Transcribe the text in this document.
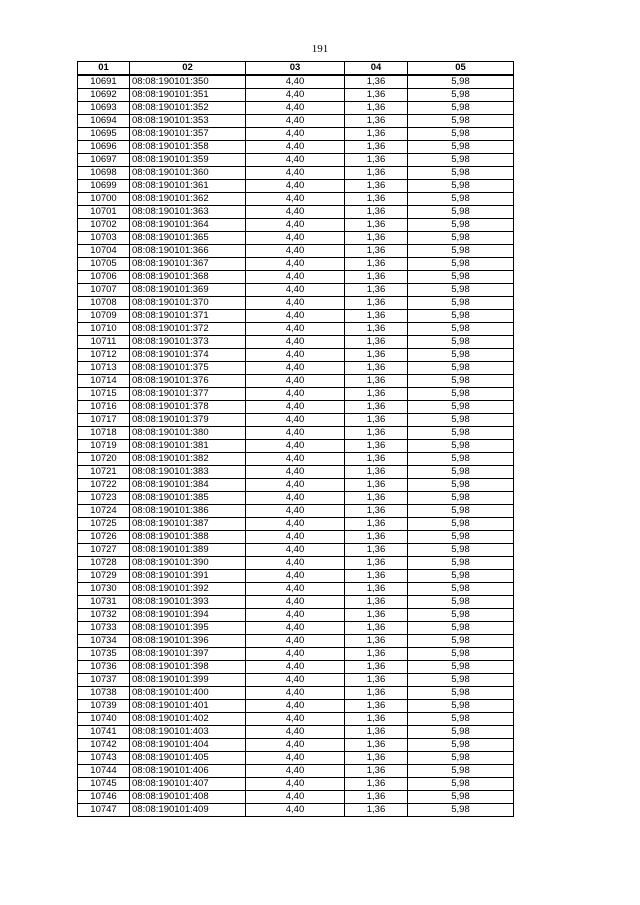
191
01	02	03	04	05
10691	08:08:190101:350	4,40	1,36	5,98
10692	08:08:190101:351	4,40	1,36	5,98
10693	08:08:190101:352	4,40	1,36	5,98
10694	08:08:190101:353	4,40	1,36	5,98
10695	08:08:190101:357	4,40	1,36	5,98
10696	08:08:190101:358	4,40	1,36	5,98
10697	08:08:190101:359	4,40	1,36	5,98
10698	08:08:190101:360	4,40	1,36	5,98
10699	08:08:190101:361	4,40	1,36	5,98
10700	08:08:190101:362	4,40	1,36	5,98
10701	08:08:190101:363	4,40	1,36	5,98
10702	08:08:190101:364	4,40	1,36	5,98
10703	08:08:190101:365	4,40	1,36	5,98
10704	08:08:190101:366	4,40	1,36	5,98
10705	08:08:190101:367	4,40	1,36	5,98
10706	08:08:190101:368	4,40	1,36	5,98
10707	08:08:190101:369	4,40	1,36	5,98
10708	08:08:190101:370	4,40	1,36	5,98
10709	08:08:190101:371	4,40	1,36	5,98
10710	08:08:190101:372	4,40	1,36	5,98
10711	08:08:190101:373	4,40	1,36	5,98
10712	08:08:190101:374	4,40	1,36	5,98
10713	08:08:190101:375	4,40	1,36	5,98
10714	08:08:190101:376	4,40	1,36	5,98
10715	08:08:190101:377	4,40	1,36	5,98
10716	08:08:190101:378	4,40	1,36	5,98
10717	08:08:190101:379	4,40	1,36	5,98
10718	08:08:190101:380	4,40	1,36	5,98
10719	08:08:190101:381	4,40	1,36	5,98
10720	08:08:190101:382	4,40	1,36	5,98
10721	08:08:190101:383	4,40	1,36	5,98
10722	08:08:190101:384	4,40	1,36	5,98
10723	08:08:190101:385	4,40	1,36	5,98
10724	08:08:190101:386	4,40	1,36	5,98
10725	08:08:190101:387	4,40	1,36	5,98
10726	08:08:190101:388	4,40	1,36	5,98
10727	08:08:190101:389	4,40	1,36	5,98
10728	08:08:190101:390	4,40	1,36	5,98
10729	08:08:190101:391	4,40	1,36	5,98
10730	08:08:190101:392	4,40	1,36	5,98
10731	08:08:190101:393	4,40	1,36	5,98
10732	08:08:190101:394	4,40	1,36	5,98
10733	08:08:190101:395	4,40	1,36	5,98
10734	08:08:190101:396	4,40	1,36	5,98
10735	08:08:190101:397	4,40	1,36	5,98
10736	08:08:190101:398	4,40	1,36	5,98
10737	08:08:190101:399	4,40	1,36	5,98
10738	08:08:190101:400	4,40	1,36	5,98
10739	08:08:190101:401	4,40	1,36	5,98
10740	08:08:190101:402	4,40	1,36	5,98
10741	08:08:190101:403	4,40	1,36	5,98
10742	08:08:190101:404	4,40	1,36	5,98
10743	08:08:190101:405	4,40	1,36	5,98
10744	08:08:190101:406	4,40	1,36	5,98
10745	08:08:190101:407	4,40	1,36	5,98
10746	08:08:190101:408	4,40	1,36	5,98
10747	08:08:190101:409	4,40	1,36	5,98
